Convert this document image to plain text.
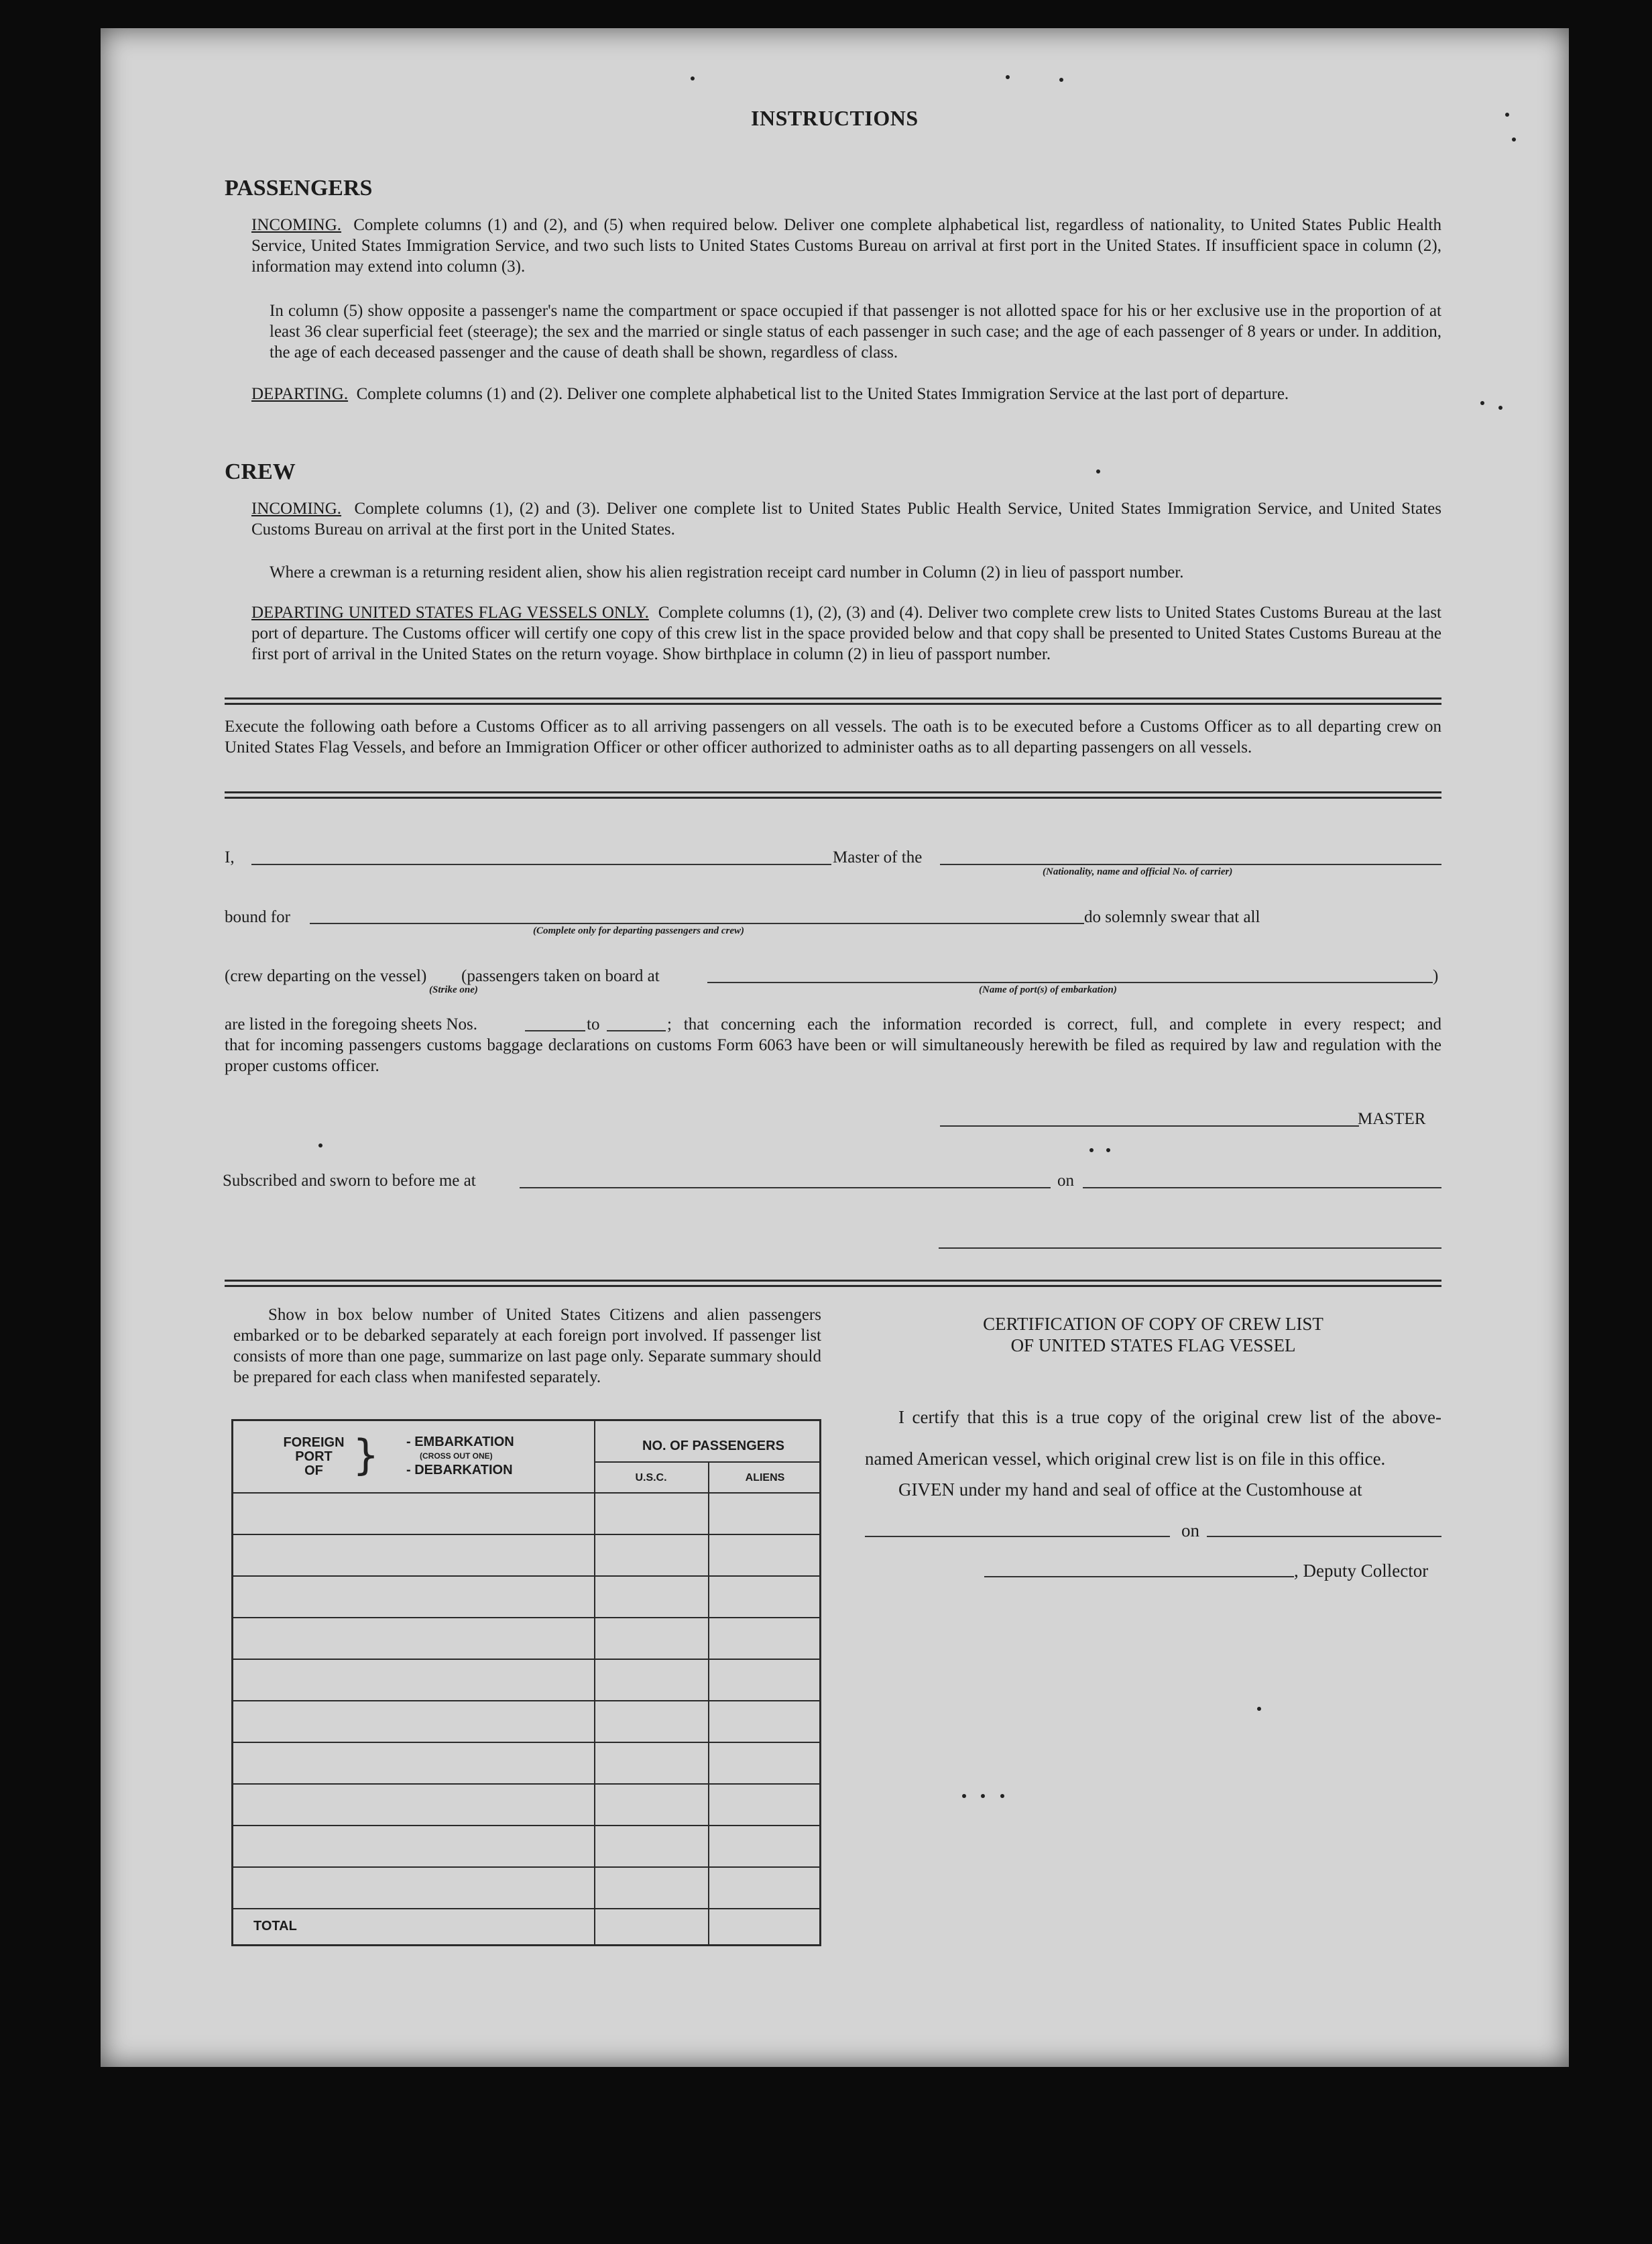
INSTRUCTIONS
PASSENGERS
INCOMING. Complete columns (1) and (2), and (5) when required below. Deliver one complete alphabetical list, regardless of nationality, to United States Public Health Service, United States Immigration Service, and two such lists to United States Customs Bureau on arrival at first port in the United States. If insufficient space in column (2), information may extend into column (3).
In column (5) show opposite a passenger's name the compartment or space occupied if that passenger is not allotted space for his or her exclusive use in the proportion of at least 36 clear superficial feet (steerage); the sex and the married or single status of each passenger in such case; and the age of each passenger of 8 years or under. In addition, the age of each deceased passenger and the cause of death shall be shown, regardless of class.
DEPARTING. Complete columns (1) and (2). Deliver one complete alphabetical list to the United States Immigration Service at the last port of departure.
CREW
INCOMING. Complete columns (1), (2) and (3). Deliver one complete list to United States Public Health Service, United States Immigration Service, and United States Customs Bureau on arrival at the first port in the United States.
Where a crewman is a returning resident alien, show his alien registration receipt card number in Column (2) in lieu of passport number.
DEPARTING UNITED STATES FLAG VESSELS ONLY. Complete columns (1), (2), (3) and (4). Deliver two complete crew lists to United States Customs Bureau at the last port of departure. The Customs officer will certify one copy of this crew list in the space provided below and that copy shall be presented to United States Customs Bureau at the first port of arrival in the United States on the return voyage. Show birthplace in column (2) in lieu of passport number.
Execute the following oath before a Customs Officer as to all arriving passengers on all vessels. The oath is to be executed before a Customs Officer as to all departing crew on United States Flag Vessels, and before an Immigration Officer or other officer authorized to administer oaths as to all departing passengers on all vessels.
I,	Master of the
(Nationality, name and official No. of carrier)
bound for
(Complete only for departing passengers and crew)
do solemnly swear that all
(crew departing on the vessel)
(Strike one)
(passengers taken on board at	)
(Name of port(s) of embarkation)
are listed in the foregoing sheets Nos.	to	; that concerning each the information recorded is correct, full, and complete in every respect; and
that for incoming passengers customs baggage declarations on customs Form 6063 have been or will simultaneously herewith be filed as required by law and regulation with the proper customs officer.
MASTER
Subscribed and sworn to before me at	on
Show in box below number of United States Citizens and alien passengers embarked or to be debarked separately at each foreign port involved. If passenger list consists of more than one page, summarize on last page only. Separate summary should be prepared for each class when manifested separately.
FOREIGN
PORT
OF } - EMBARKATION
(CROSS OUT ONE)
- DEBARKATION
NO. OF PASSENGERS
U.S.C.	ALIENS
TOTAL
CERTIFICATION OF COPY OF CREW LIST
OF UNITED STATES FLAG VESSEL
I certify that this is a true copy of the original crew list of the above-named American vessel, which original crew list is on file in this office.
GIVEN under my hand and seal of office at the Customhouse at
on
, Deputy Collector
